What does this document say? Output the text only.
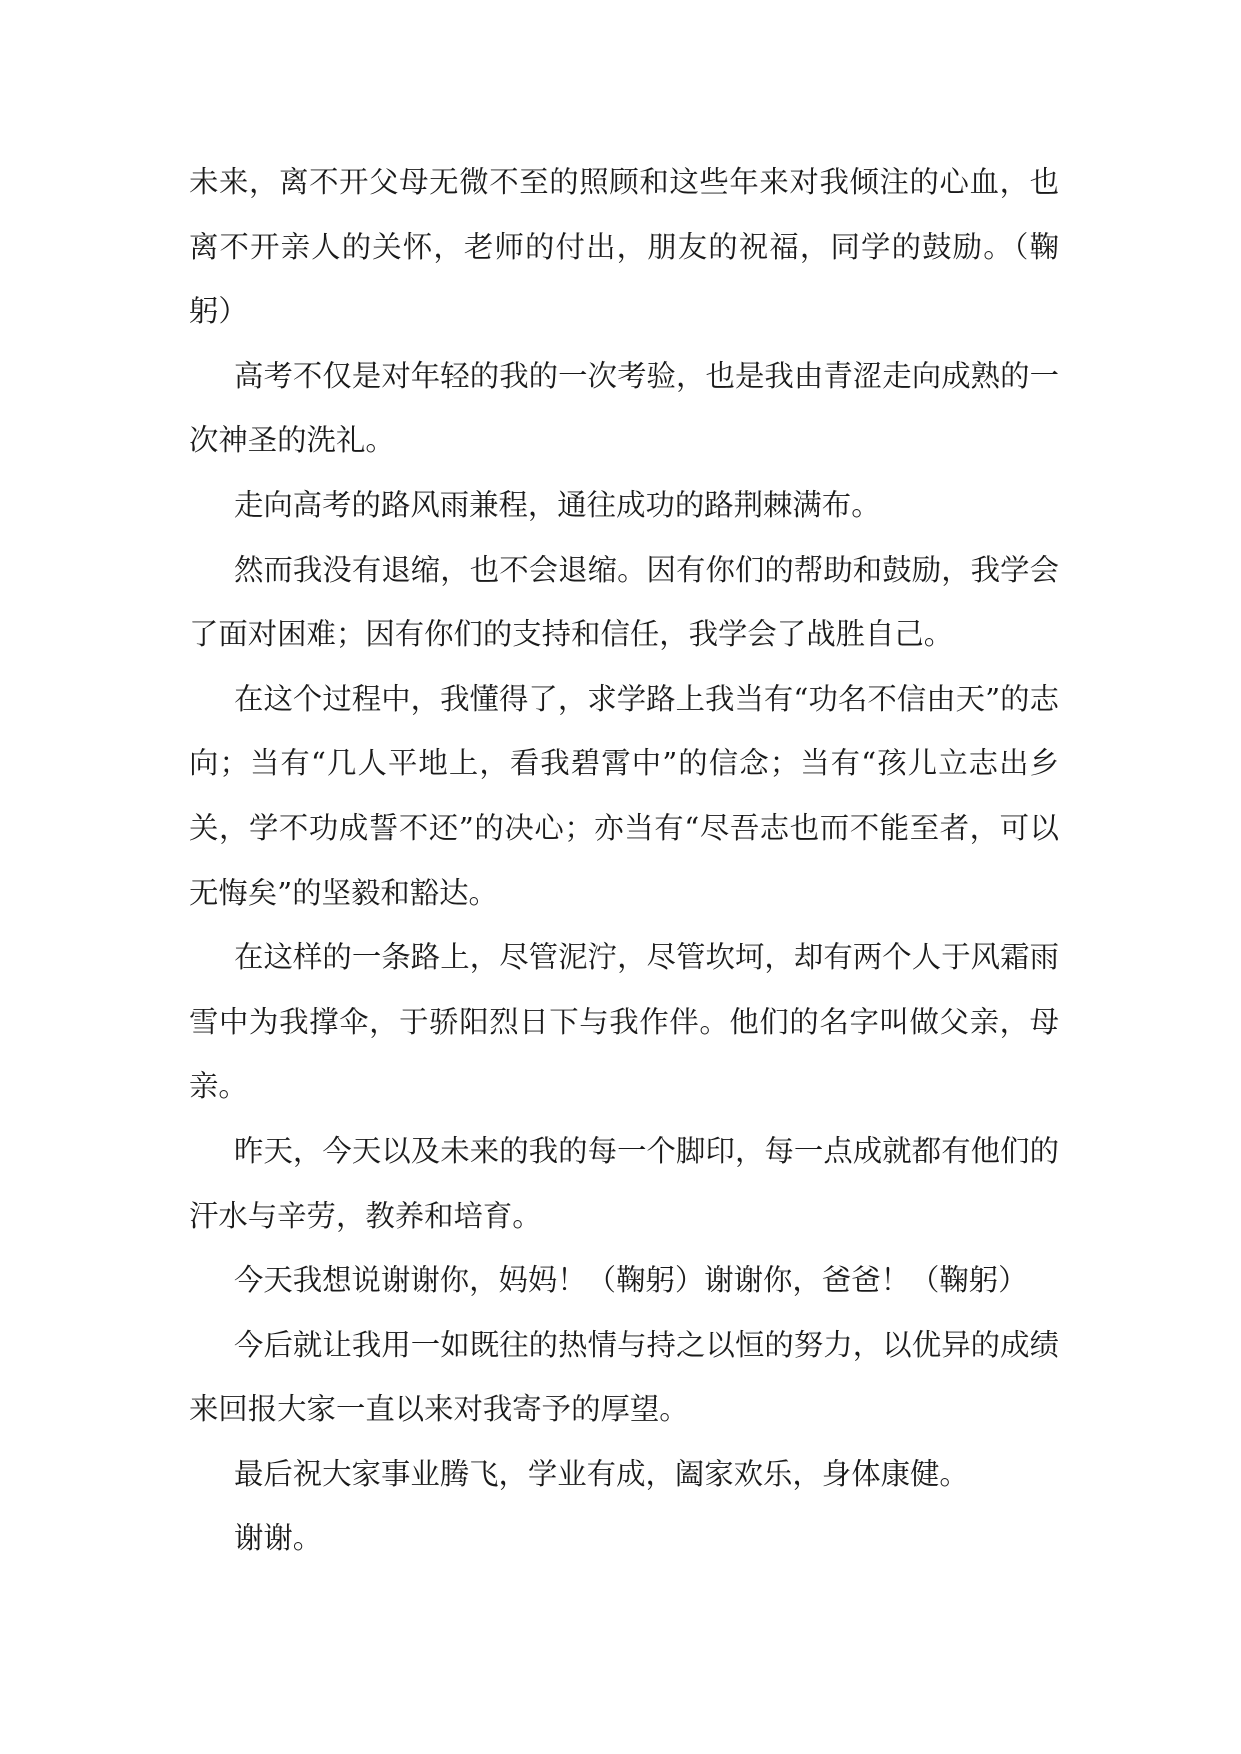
未来，离不开父母无微不至的照顾和这些年来对我倾注的心血，也离不开亲人的关怀，老师的付出，朋友的祝福，同学的鼓励。（鞠躬）

高考不仅是对年轻的我的一次考验，也是我由青涩走向成熟的一次神圣的洗礼。

走向高考的路风雨兼程，通往成功的路荆棘满布。

然而我没有退缩，也不会退缩。因有你们的帮助和鼓励，我学会了面对困难；因有你们的支持和信任，我学会了战胜自己。

在这个过程中，我懂得了，求学路上我当有“功名不信由天”的志向；当有“几人平地上，看我碧霄中”的信念；当有“孩儿立志出乡关，学不功成誓不还”的决心；亦当有“尽吾志也而不能至者，可以无悔矣”的坚毅和豁达。

在这样的一条路上，尽管泥泞，尽管坎坷，却有两个人于风霜雨雪中为我撑伞，于骄阳烈日下与我作伴。他们的名字叫做父亲，母亲。

昨天，今天以及未来的我的每一个脚印，每一点成就都有他们的汗水与辛劳，教养和培育。

今天我想说谢谢你，妈妈！（鞠躬）谢谢你，爸爸！（鞠躬）

今后就让我用一如既往的热情与持之以恒的努力，以优异的成绩来回报大家一直以来对我寄予的厚望。

最后祝大家事业腾飞，学业有成，阖家欢乐，身体康健。

谢谢。
